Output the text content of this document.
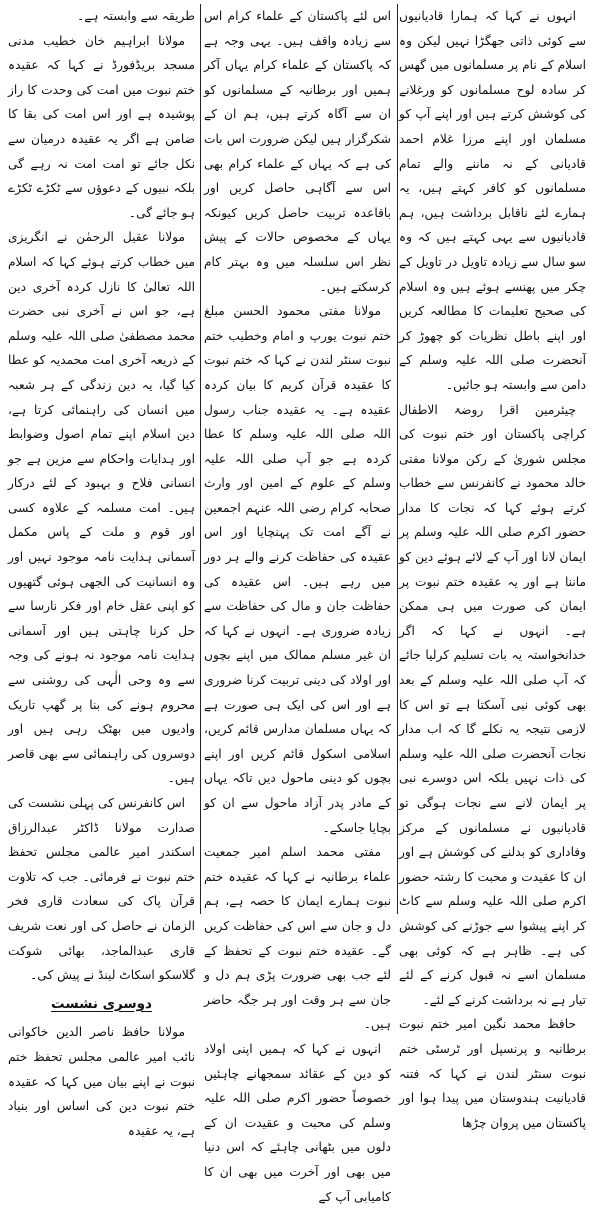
انہوں نے کہا کہ ہمارا قادیانیوں سے کوئی ذاتی جھگڑا نہیں لیکن وہ اسلام کے نام پر مسلمانوں میں گھس کر سادہ لوح مسلمانوں کو ورغلانے کی کوشش کرتے ہیں اور اپنے آپ کو مسلمان اور اپنے مرزا غلام احمد قادیانی کے نہ ماننے والے تمام مسلمانوں کو کافر کہتے ہیں، یہ ہمارے لئے ناقابل برداشت ہیں، ہم قادیانیوں سے یہی کہتے ہیں کہ وہ سو سال سے زیادہ تاویل در تاویل کے چکر میں پھنسے ہوئے ہیں وہ اسلام کی صحیح تعلیمات کا مطالعہ کریں اور اپنے باطل نظریات کو چھوڑ کر آنحضرت صلی اللہ علیہ وسلم کے دامن سے وابستہ ہو جائیں۔

چیئرمین اقرا روضۃ الاطفال کراچی پاکستان اور ختم نبوت کی مجلس شوریٰ کے رکن مولانا مفتی خالد محمود نے کانفرنس سے خطاب کرتے ہوئے کہا کہ نجات کا مدار حضور اکرم صلی اللہ علیہ وسلم پر ایمان لانا اور آپ کے لائے ہوئے دین کو ماننا ہے اور یہ عقیدہ ختم نبوت پر ایمان کی صورت میں ہی ممکن ہے۔ انہوں نے کہا کہ اگر خدانخواستہ یہ بات تسلیم کرلیا جائے کہ آپ صلی اللہ علیہ وسلم کے بعد بھی کوئی نبی آسکتا ہے تو اس کا لازمی نتیجہ یہ نکلے گا کہ اب مدار نجات آنحضرت صلی اللہ علیہ وسلم کی ذات نہیں بلکہ اس دوسرے نبی پر ایمان لانے سے نجات ہوگی تو قادیانیوں نے مسلمانوں کے مرکز وفاداری کو بدلنے کی کوشش ہے اور ان کا عقیدت و محبت کا رشتہ حضور اکرم صلی اللہ علیہ وسلم سے کاٹ کر اپنے پیشوا سے جوڑنے کی کوشش کی ہے۔ ظاہر ہے کہ کوئی بھی مسلمان اسے نہ قبول کرنے کے لئے تیار ہے نہ برداشت کرنے کے لئے۔

حافظ محمد نگین امیر ختم نبوت برطانیہ و پرنسپل اور ٹرسٹی ختم نبوت سنٹر لندن نے کہا کہ فتنہ قادیانیت ہندوستان میں پیدا ہوا اور پاکستان میں پروان چڑھا

اس لئے پاکستان کے علماء کرام اس سے زیادہ واقف ہیں۔ یہی وجہ ہے کہ پاکستان کے علماء کرام یہاں آکر ہمیں اور برطانیہ کے مسلمانوں کو ان سے آگاہ کرتے ہیں، ہم ان کے شکرگزار ہیں لیکن ضرورت اس بات کی ہے کہ یہاں کے علماء کرام بھی اس سے آگاہی حاصل کریں اور باقاعدہ تربیت حاصل کریں کیونکہ یہاں کے مخصوص حالات کے پیش نظر اس سلسلہ میں وہ بہتر کام کرسکتے ہیں۔

مولانا مفتی محمود الحسن مبلغ ختم نبوت یورپ و امام وخطیب ختم نبوت سنٹر لندن نے کہا کہ ختم نبوت کا عقیدہ قرآن کریم کا بیان کردہ عقیدہ ہے۔ یہ عقیدہ جناب رسول اللہ صلی اللہ علیہ وسلم کا عطا کردہ ہے جو آپ صلی اللہ علیہ وسلم کے علوم کے امین اور وارث صحابہ کرام رضی اللہ عنہم اجمعین نے آگے امت تک پہنچایا اور اس عقیدہ کی حفاظت کرنے والے ہر دور میں رہے ہیں۔ اس عقیدہ کی حفاظت جان و مال کی حفاظت سے زیادہ ضروری ہے۔ انہوں نے کہا کہ ان غیر مسلم ممالک میں اپنے بچوں اور اولاد کی دینی تربیت کرنا ضروری ہے اور اس کی ایک ہی صورت ہے کہ یہاں مسلمان مدارس قائم کریں، اسلامی اسکول قائم کریں اور اپنے بچوں کو دینی ماحول دیں تاکہ یہاں کے مادر پدر آزاد ماحول سے ان کو بچایا جاسکے۔

مفتی محمد اسلم امیر جمعیت علماء برطانیہ نے کہا کہ عقیدہ ختم نبوت ہمارے ایمان کا حصہ ہے، ہم دل و جان سے اس کی حفاظت کریں گے۔ عقیدہ ختم نبوت کے تحفظ کے لئے جب بھی ضرورت پڑی ہم دل و جان سے ہر وقت اور ہر جگہ حاضر ہیں۔

انہوں نے کہا کہ ہمیں اپنی اولاد کو دین کے عقائد سمجھانے چاہئیں خصوصاً حضور اکرم صلی اللہ علیہ وسلم کی محبت و عقیدت ان کے دلوں میں بٹھانی چاہئے کہ اس دنیا میں بھی اور آخرت میں بھی ان کا کامیابی آپ کے

طریقہ سے وابستہ ہے۔

مولانا ابراہیم خان خطیب مدنی مسجد بریڈفورڈ نے کہا کہ عقیدہ ختم نبوت میں امت کی وحدت کا راز پوشیدہ ہے اور اس امت کی بقا کا ضامن ہے اگر یہ عقیدہ درمیان سے نکل جائے تو امت امت نہ رہے گی بلکہ نبیوں کے دعوؤں سے ٹکڑے ٹکڑے ہو جائے گی۔

مولانا عقیل الرحمٰن نے انگریزی میں خطاب کرتے ہوئے کہا کہ اسلام اللہ تعالیٰ کا نازل کردہ آخری دین ہے، جو اس نے آخری نبی حضرت محمد مصطفیٰ صلی اللہ علیہ وسلم کے ذریعہ آخری امت محمدیہ کو عطا کیا گیا، یہ دین زندگی کے ہر شعبہ میں انسان کی راہنمائی کرتا ہے، دین اسلام اپنے تمام اصول وضوابط اور ہدایات واحکام سے مزین ہے جو انسانی فلاح و بہبود کے لئے درکار ہیں۔ امت مسلمہ کے علاوہ کسی اور قوم و ملت کے پاس مکمل آسمانی ہدایت نامہ موجود نہیں اور وہ انسانیت کی الجھی ہوئی گتھیوں کو اپنی عقل خام اور فکر نارسا سے حل کرنا چاہتی ہیں اور آسمانی ہدایت نامہ موجود نہ ہونے کی وجہ سے وہ وحی الٰہی کی روشنی سے محروم ہونے کی بنا پر گھپ تاریک وادیوں میں بھٹک رہی ہیں اور دوسروں کی راہنمائی سے بھی قاصر ہیں۔

اس کانفرنس کی پہلی نشست کی صدارت مولانا ڈاکٹر عبدالرزاق اسکندر امیر عالمی مجلس تحفظ ختم نبوت نے فرمائی۔ جب کہ تلاوت قرآن پاک کی سعادت قاری فخر الزمان نے حاصل کی اور نعت شریف قاری عبدالماجد، بھائی شوکت گلاسکو اسکاٹ لینڈ نے پیش کی۔

دوسری نشست

مولانا حافظ ناصر الدین خاکوانی نائب امیر عالمی مجلس تحفظ ختم نبوت نے اپنے بیان میں کہا کہ عقیدہ ختم نبوت دین کی اساس اور بنیاد ہے، یہ عقیدہ
